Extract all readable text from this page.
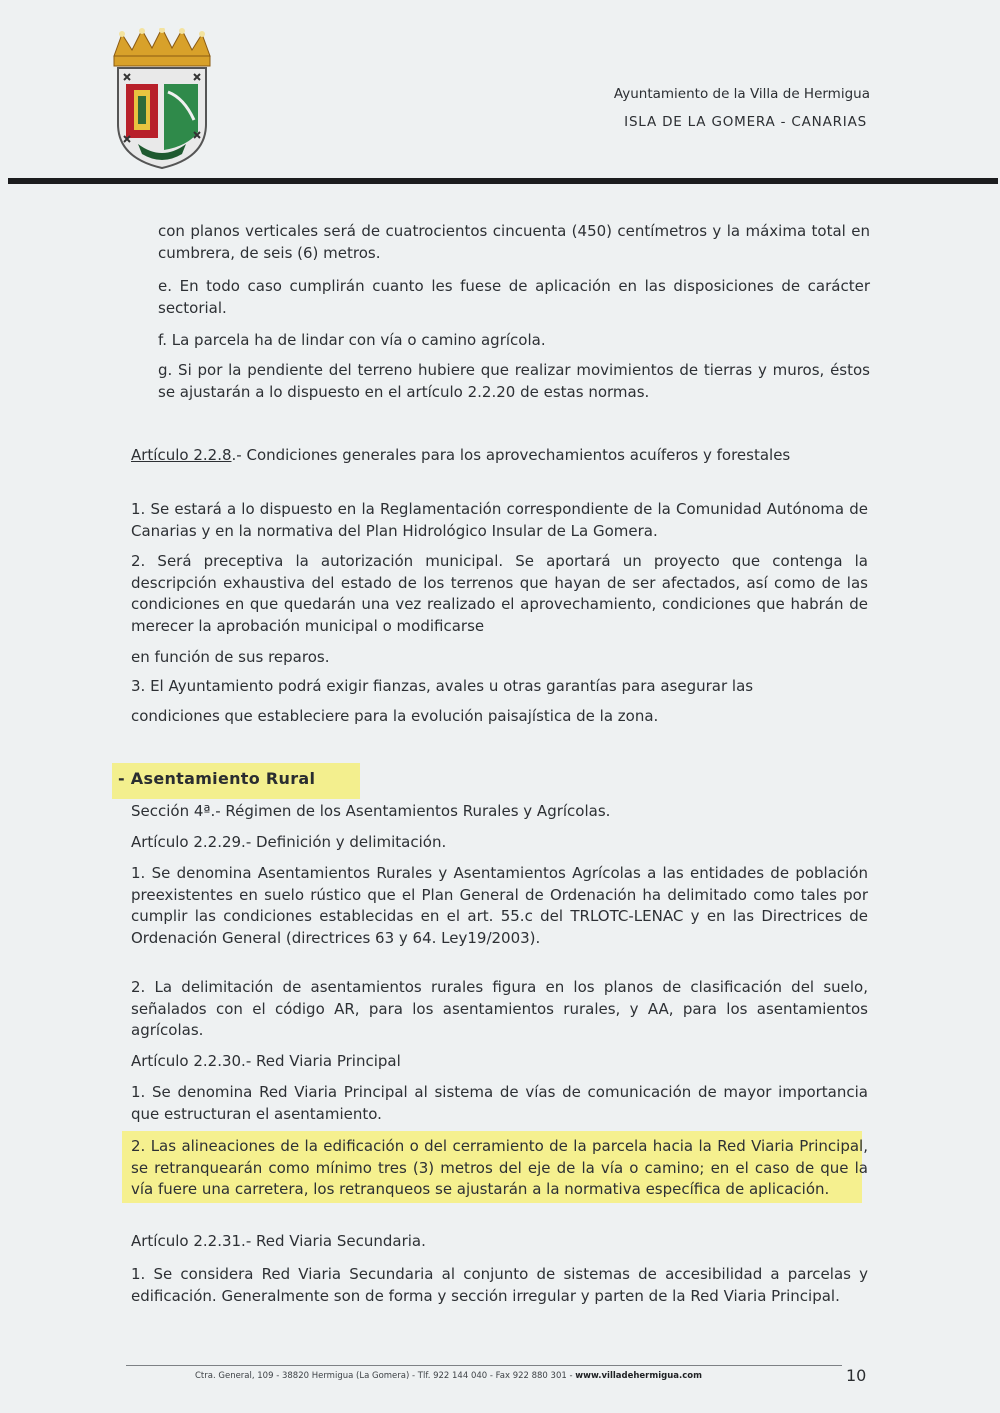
Ayuntamiento de la Villa de Hermigua
ISLA DE LA GOMERA - CANARIAS
con planos verticales será de cuatrocientos cincuenta (450) centímetros y la máxima total en cumbrera, de seis (6) metros.
e. En todo caso cumplirán cuanto les fuese de aplicación en las disposiciones de carácter sectorial.
f. La parcela ha de lindar con vía o camino agrícola.
g. Si por la pendiente del terreno hubiere que realizar movimientos de tierras y muros, éstos se ajustarán a lo dispuesto en el artículo 2.2.20 de estas normas.
Artículo 2.2.8.- Condiciones generales para los aprovechamientos acuíferos y forestales
1. Se estará a lo dispuesto en la Reglamentación correspondiente de la Comunidad Autónoma de Canarias y en la normativa del Plan Hidrológico Insular de La Gomera.
2. Será preceptiva la autorización municipal. Se aportará un proyecto que contenga la descripción exhaustiva del estado de los terrenos que hayan de ser afectados, así como de las condiciones en que quedarán una vez realizado el aprovechamiento, condiciones que habrán de merecer la aprobación municipal o modificarse
en función de sus reparos.
3. El Ayuntamiento podrá exigir fianzas, avales u otras garantías para asegurar las
condiciones que estableciere para la evolución paisajística de la zona.
- Asentamiento Rural
Sección 4ª.- Régimen de los Asentamientos Rurales y Agrícolas.
Artículo 2.2.29.- Definición y delimitación.
1. Se denomina Asentamientos Rurales y Asentamientos Agrícolas a las entidades de población preexistentes en suelo rústico que el Plan General de Ordenación ha delimitado como tales por cumplir las condiciones establecidas en el art. 55.c del TRLOTC-LENAC y en las Directrices de Ordenación General (directrices 63 y 64. Ley19/2003).
2. La delimitación de asentamientos rurales figura en los planos de clasificación del suelo, señalados con el código AR, para los asentamientos rurales, y AA, para los asentamientos agrícolas.
Artículo 2.2.30.- Red Viaria Principal
1. Se denomina Red Viaria Principal al sistema de vías de comunicación de mayor importancia que estructuran el asentamiento.
2. Las alineaciones de la edificación o del cerramiento de la parcela hacia la Red Viaria Principal, se retranquearán como mínimo tres (3) metros del eje de la vía o camino; en el caso de que la vía fuere una carretera, los retranqueos se ajustarán a la normativa específica de aplicación.
Artículo 2.2.31.- Red Viaria Secundaria.
1. Se considera Red Viaria Secundaria al conjunto de sistemas de accesibilidad a parcelas y edificación. Generalmente son de forma y sección irregular y parten de la Red Viaria Principal.
Ctra. General, 109 - 38820 Hermigua (La Gomera) - Tlf. 922 144 040 - Fax 922 880 301 - www.villadehermigua.com	10
